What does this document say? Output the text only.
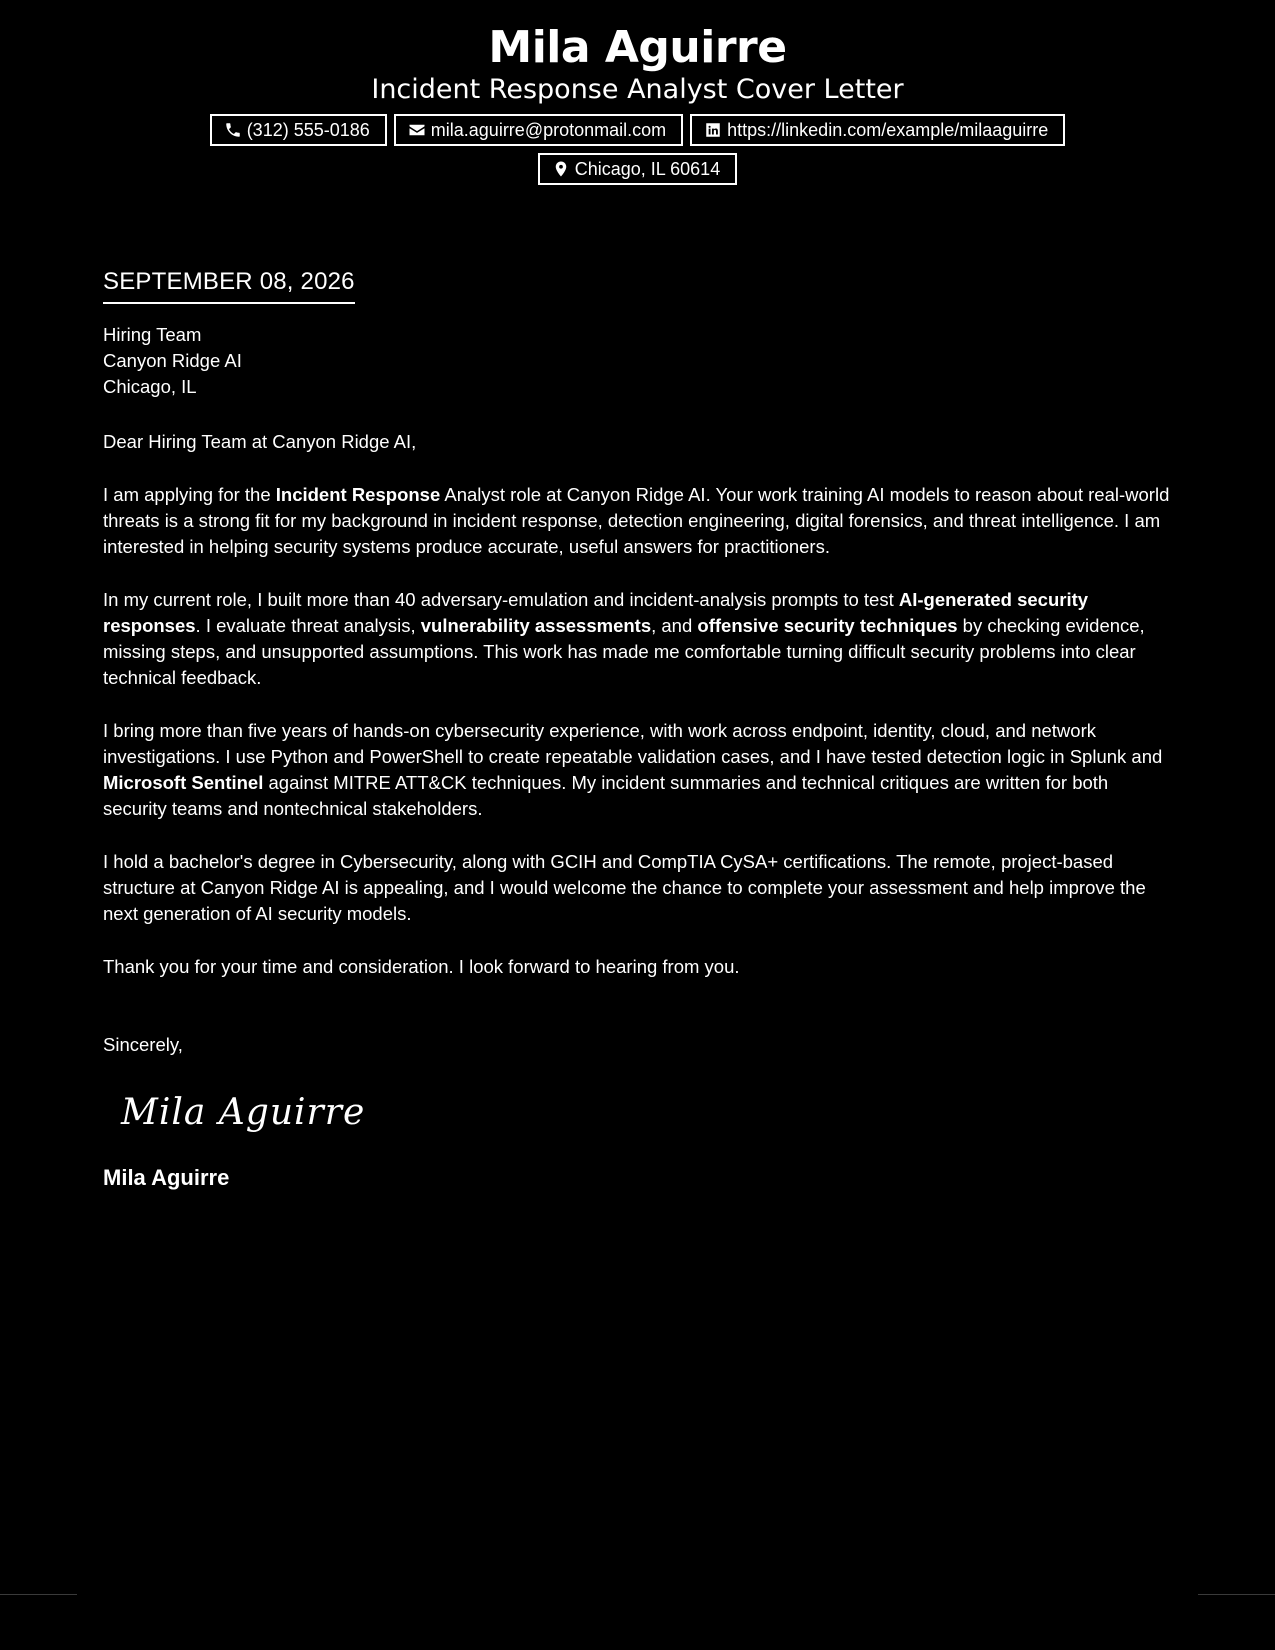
Mila Aguirre
Incident Response Analyst Cover Letter
(312) 555-0186	mila.aguirre@protonmail.com	https://linkedin.com/example/milaaguirre
Chicago, IL 60614
SEPTEMBER 08, 2026
Hiring Team
Canyon Ridge AI
Chicago, IL
Dear Hiring Team at Canyon Ridge AI,
I am applying for the Incident Response Analyst role at Canyon Ridge AI. Your work training AI models to reason about real-world threats is a strong fit for my background in incident response, detection engineering, digital forensics, and threat intelligence. I am interested in helping security systems produce accurate, useful answers for practitioners.
In my current role, I built more than 40 adversary-emulation and incident-analysis prompts to test AI-generated security responses. I evaluate threat analysis, vulnerability assessments, and offensive security techniques by checking evidence, missing steps, and unsupported assumptions. This work has made me comfortable turning difficult security problems into clear technical feedback.
I bring more than five years of hands-on cybersecurity experience, with work across endpoint, identity, cloud, and network investigations. I use Python and PowerShell to create repeatable validation cases, and I have tested detection logic in Splunk and Microsoft Sentinel against MITRE ATT&CK techniques. My incident summaries and technical critiques are written for both security teams and nontechnical stakeholders.
I hold a bachelor's degree in Cybersecurity, along with GCIH and CompTIA CySA+ certifications. The remote, project-based structure at Canyon Ridge AI is appealing, and I would welcome the chance to complete your assessment and help improve the next generation of AI security models.
Thank you for your time and consideration. I look forward to hearing from you.
Sincerely,
Mila Aguirre
Mila Aguirre
